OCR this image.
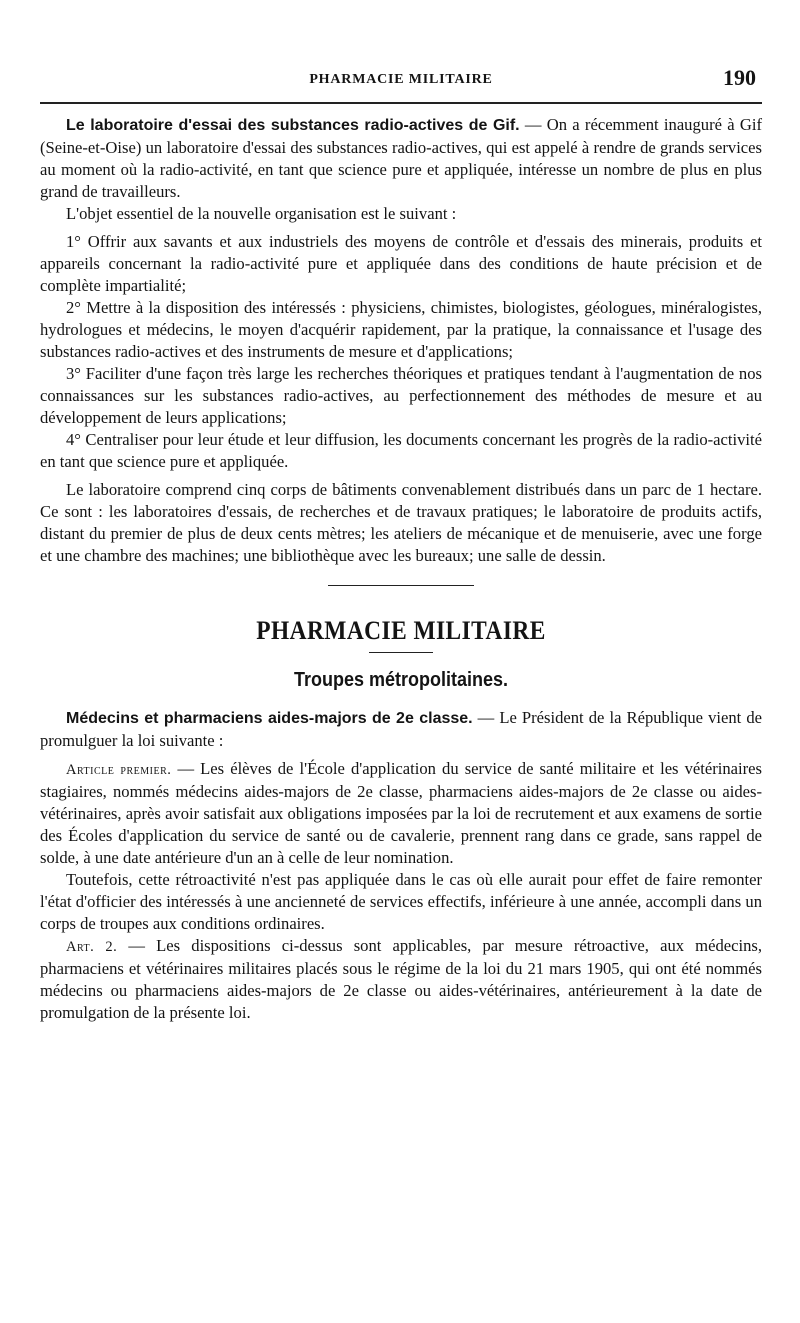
PHARMACIE MILITAIRE	190

Le laboratoire d'essai des substances radio-actives de Gif. — On a récemment inauguré à Gif (Seine-et-Oise) un laboratoire d'essai des substances radio-actives, qui est appelé à rendre de grands services au moment où la radio-activité, en tant que science pure et appliquée, intéresse un nombre de plus en plus grand de travailleurs.

L'objet essentiel de la nouvelle organisation est le suivant :

1° Offrir aux savants et aux industriels des moyens de contrôle et d'essais des minerais, produits et appareils concernant la radio-activité pure et appliquée dans des conditions de haute précision et de complète impartialité;

2° Mettre à la disposition des intéressés : physiciens, chimistes, biologistes, géologues, minéralogistes, hydrologues et médecins, le moyen d'acquérir rapidement, par la pratique, la connaissance et l'usage des substances radio-actives et des instruments de mesure et d'applications;

3° Faciliter d'une façon très large les recherches théoriques et pratiques tendant à l'augmentation de nos connaissances sur les substances radio-actives, au perfectionnement des méthodes de mesure et au développement de leurs applications;

4° Centraliser pour leur étude et leur diffusion, les documents concernant les progrès de la radio-activité en tant que science pure et appliquée.

Le laboratoire comprend cinq corps de bâtiments convenablement distribués dans un parc de 1 hectare. Ce sont : les laboratoires d'essais, de recherches et de travaux pratiques; le laboratoire de produits actifs, distant du premier de plus de deux cents mètres; les ateliers de mécanique et de menuiserie, avec une forge et une chambre des machines; une bibliothèque avec les bureaux; une salle de dessin.

PHARMACIE MILITAIRE
Troupes métropolitaines.

Médecins et pharmaciens aides-majors de 2e classe. — Le Président de la République vient de promulguer la loi suivante :

Article premier. — Les élèves de l'École d'application du service de santé militaire et les vétérinaires stagiaires, nommés médecins aides-majors de 2e classe, pharmaciens aides-majors de 2e classe ou aides-vétérinaires, après avoir satisfait aux obligations imposées par la loi de recrutement et aux examens de sortie des Écoles d'application du service de santé ou de cavalerie, prennent rang dans ce grade, sans rappel de solde, à une date antérieure d'un an à celle de leur nomination.

Toutefois, cette rétroactivité n'est pas appliquée dans le cas où elle aurait pour effet de faire remonter l'état d'officier des intéressés à une ancienneté de services effectifs, inférieure à une année, accompli dans un corps de troupes aux conditions ordinaires.

Art. 2. — Les dispositions ci-dessus sont applicables, par mesure rétroactive, aux médecins, pharmaciens et vétérinaires militaires placés sous le régime de la loi du 21 mars 1905, qui ont été nommés médecins ou pharmaciens aides-majors de 2e classe ou aides-vétérinaires, antérieurement à la date de promulgation de la présente loi.
